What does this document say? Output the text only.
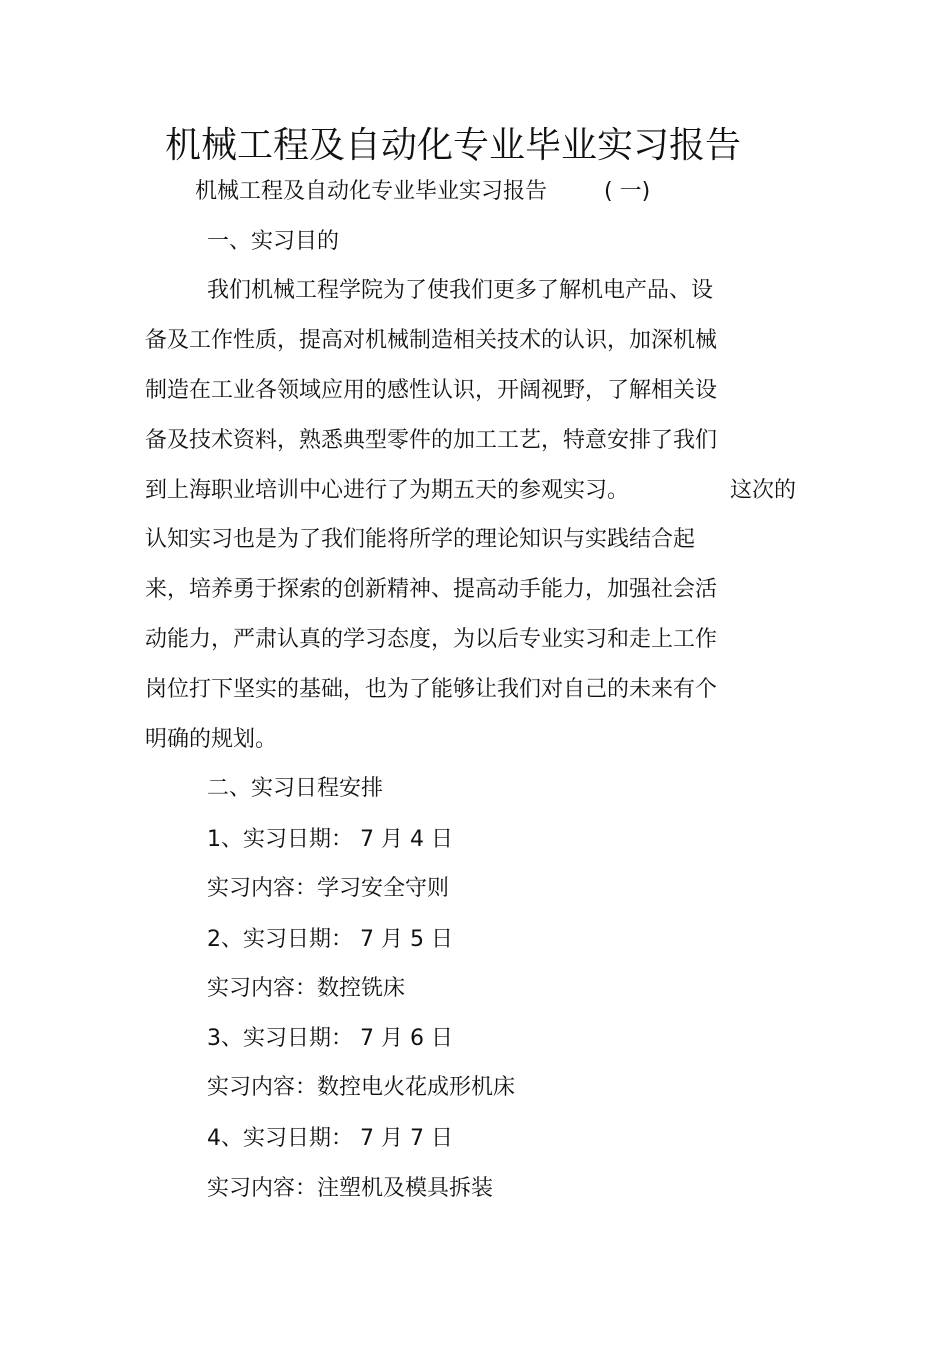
机械工程及自动化专业毕业实习报告
机械工程及自动化专业毕业实习报告	( 一)
一、实习目的
我们机械工程学院为了使我们更多了解机电产品、设
备及工作性质，提高对机械制造相关技术的认识，加深机械
制造在工业各领域应用的感性认识，开阔视野，了解相关设
备及技术资料，熟悉典型零件的加工工艺，特意安排了我们
到上海职业培训中心进行了为期五天的参观实习。	这次的
认知实习也是为了我们能将所学的理论知识与实践结合起
来，培养勇于探索的创新精神、提高动手能力，加强社会活
动能力，严肃认真的学习态度，为以后专业实习和走上工作
岗位打下坚实的基础，也为了能够让我们对自己的未来有个
明确的规划。
二、实习日程安排
1、实习日期： 7 月 4 日
实习内容：学习安全守则
2、实习日期： 7 月 5 日
实习内容：数控铣床
3、实习日期： 7 月 6 日
实习内容：数控电火花成形机床
4、实习日期： 7 月 7 日
实习内容：注塑机及模具拆装
